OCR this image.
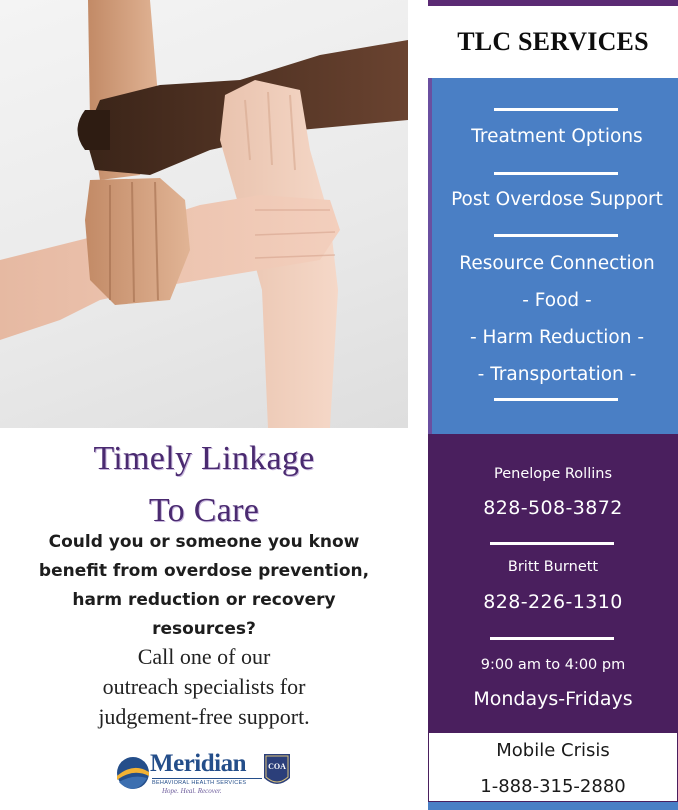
Timely Linkage
To Care
Could you or someone you know
benefit from overdose prevention,
harm reduction or recovery
resources?
Call one of our
outreach specialists for
judgement-free support.
Meridian
BEHAVIORAL HEALTH SERVICES
Hope. Heal. Recover.
COA
TLC SERVICES
Treatment Options
Post Overdose Support
Resource Connection
- Food -
- Harm Reduction -
- Transportation -
Penelope Rollins
828-508-3872
Britt Burnett
828-226-1310
9:00 am to 4:00 pm
Mondays-Fridays
Mobile Crisis
1-888-315-2880
